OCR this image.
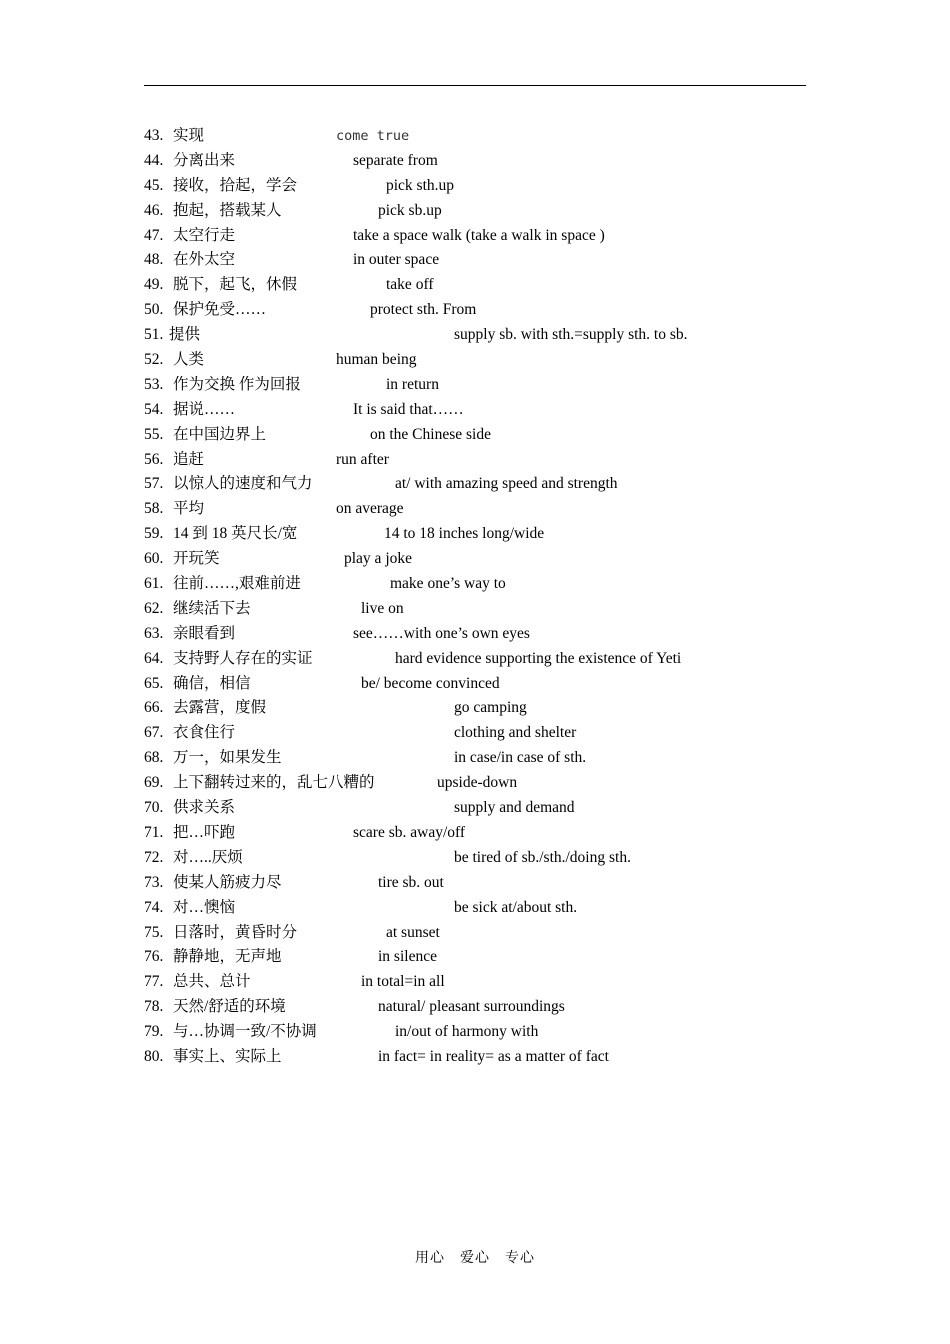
43. 实现	come true
44. 分离出来	separate from
45. 接收，拾起，学会	pick sth.up
46. 抱起，搭载某人	pick sb.up
47. 太空行走	take a space walk (take a walk in space )
48. 在外太空	in outer space
49. 脱下，起飞，休假	take off
50. 保护免受……	protect sth. From
51. 提供	supply sb. with sth.=supply sth. to sb.
52. 人类	human being
53. 作为交换 作为回报	in return
54. 据说……	It is said that……
55. 在中国边界上	on the Chinese side
56. 追赶	run after
57. 以惊人的速度和气力	at/ with amazing speed and strength
58. 平均	on average
59. 14 到 18 英尺长/宽	14 to 18 inches long/wide
60. 开玩笑	play a joke
61. 往前……,艰难前进	make one’s way to
62. 继续活下去	live on
63. 亲眼看到	see……with one’s own eyes
64. 支持野人存在的实证	hard evidence supporting the existence of Yeti
65. 确信，相信	be/ become convinced
66. 去露营，度假	go camping
67. 衣食住行	clothing and shelter
68. 万一，如果发生	in case/in case of sth.
69. 上下翻转过来的，乱七八糟的	upside-down
70. 供求关系	supply and demand
71. 把…吓跑	scare sb. away/off
72. 对…..厌烦	be tired of sb./sth./doing sth.
73. 使某人筋疲力尽	tire sb. out
74. 对…懊恼	be sick at/about sth.
75. 日落时，黄昏时分	at sunset
76. 静静地，无声地	in silence
77. 总共、总计	in total=in all
78. 天然/舒适的环境	natural/ pleasant surroundings
79. 与…协调一致/不协调	in/out of harmony with
80. 事实上、实际上	in fact= in reality= as a matter of fact
用心　爱心　专心
